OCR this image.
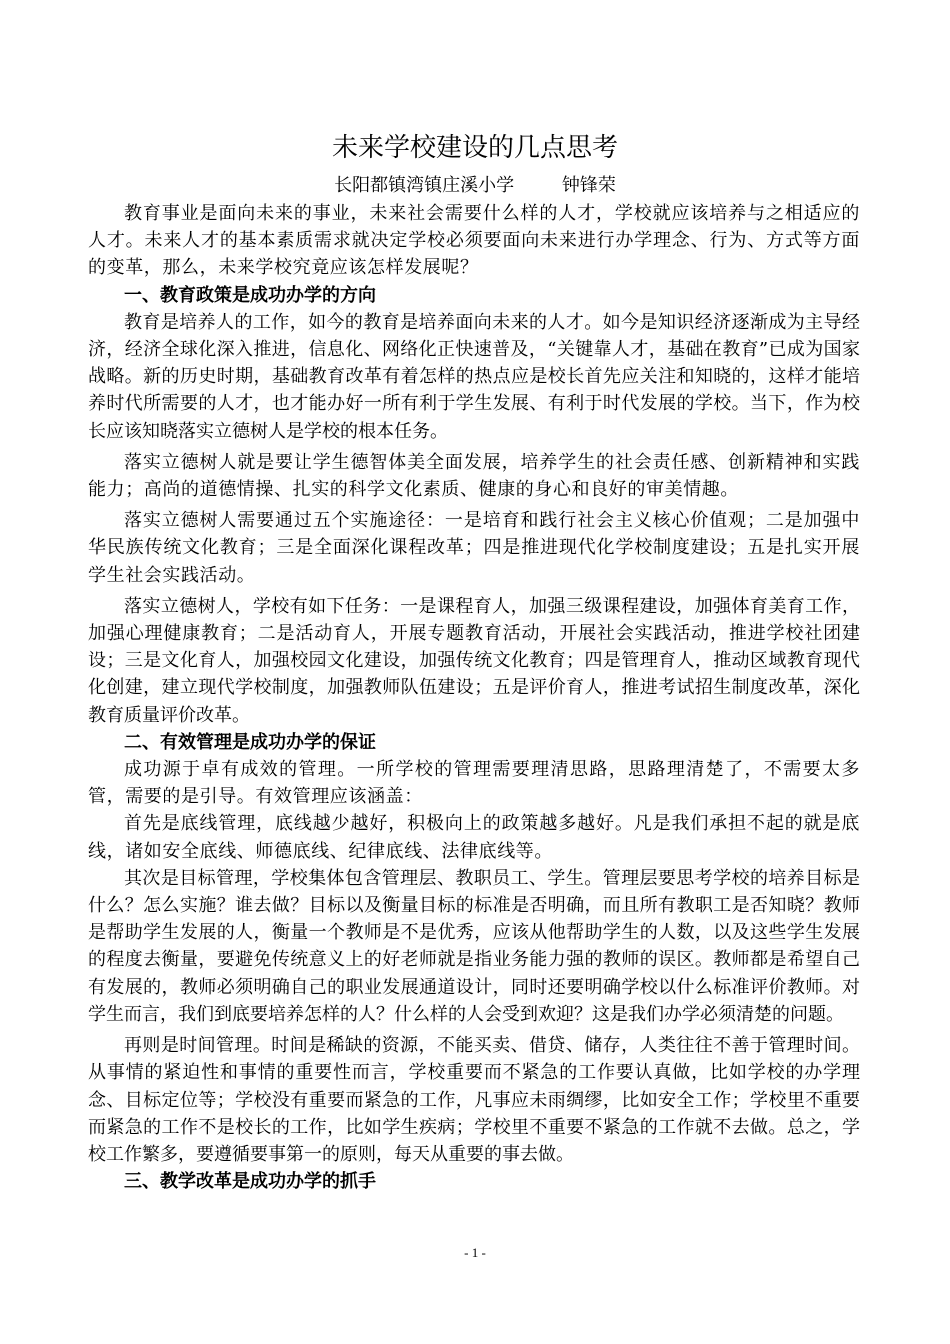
未来学校建设的几点思考
长阳都镇湾镇庄溪小学	钟锋荣

教育事业是面向未来的事业，未来社会需要什么样的人才，学校就应该培养与之相适应的人才。未来人才的基本素质需求就决定学校必须要面向未来进行办学理念、行为、方式等方面的变革，那么，未来学校究竟应该怎样发展呢？

一、教育政策是成功办学的方向

教育是培养人的工作，如今的教育是培养面向未来的人才。如今是知识经济逐渐成为主导经济，经济全球化深入推进，信息化、网络化正快速普及，“关键靠人才，基础在教育”已成为国家战略。新的历史时期，基础教育改革有着怎样的热点应是校长首先应关注和知晓的，这样才能培养时代所需要的人才，也才能办好一所有利于学生发展、有利于时代发展的学校。当下，作为校长应该知晓落实立德树人是学校的根本任务。

落实立德树人就是要让学生德智体美全面发展，培养学生的社会责任感、创新精神和实践能力；高尚的道德情操、扎实的科学文化素质、健康的身心和良好的审美情趣。

落实立德树人需要通过五个实施途径：一是培育和践行社会主义核心价值观；二是加强中华民族传统文化教育；三是全面深化课程改革；四是推进现代化学校制度建设；五是扎实开展学生社会实践活动。

落实立德树人，学校有如下任务：一是课程育人，加强三级课程建设，加强体育美育工作，加强心理健康教育；二是活动育人，开展专题教育活动，开展社会实践活动，推进学校社团建设；三是文化育人，加强校园文化建设，加强传统文化教育；四是管理育人，推动区域教育现代化创建，建立现代学校制度，加强教师队伍建设；五是评价育人，推进考试招生制度改革，深化教育质量评价改革。

二、有效管理是成功办学的保证

成功源于卓有成效的管理。一所学校的管理需要理清思路，思路理清楚了，不需要太多管，需要的是引导。有效管理应该涵盖：

首先是底线管理，底线越少越好，积极向上的政策越多越好。凡是我们承担不起的就是底线，诸如安全底线、师德底线、纪律底线、法律底线等。

其次是目标管理，学校集体包含管理层、教职员工、学生。管理层要思考学校的培养目标是什么？怎么实施？谁去做？目标以及衡量目标的标准是否明确，而且所有教职工是否知晓？教师是帮助学生发展的人，衡量一个教师是不是优秀，应该从他帮助学生的人数，以及这些学生发展的程度去衡量，要避免传统意义上的好老师就是指业务能力强的教师的误区。教师都是希望自己有发展的，教师必须明确自己的职业发展通道设计，同时还要明确学校以什么标准评价教师。对学生而言，我们到底要培养怎样的人？什么样的人会受到欢迎？这是我们办学必须清楚的问题。

再则是时间管理。时间是稀缺的资源，不能买卖、借贷、储存，人类往往不善于管理时间。从事情的紧迫性和事情的重要性而言，学校重要而不紧急的工作要认真做，比如学校的办学理念、目标定位等；学校没有重要而紧急的工作，凡事应未雨绸缪，比如安全工作；学校里不重要而紧急的工作不是校长的工作，比如学生疾病；学校里不重要不紧急的工作就不去做。总之，学校工作繁多，要遵循要事第一的原则，每天从重要的事去做。

三、教学改革是成功办学的抓手
- 1 -
